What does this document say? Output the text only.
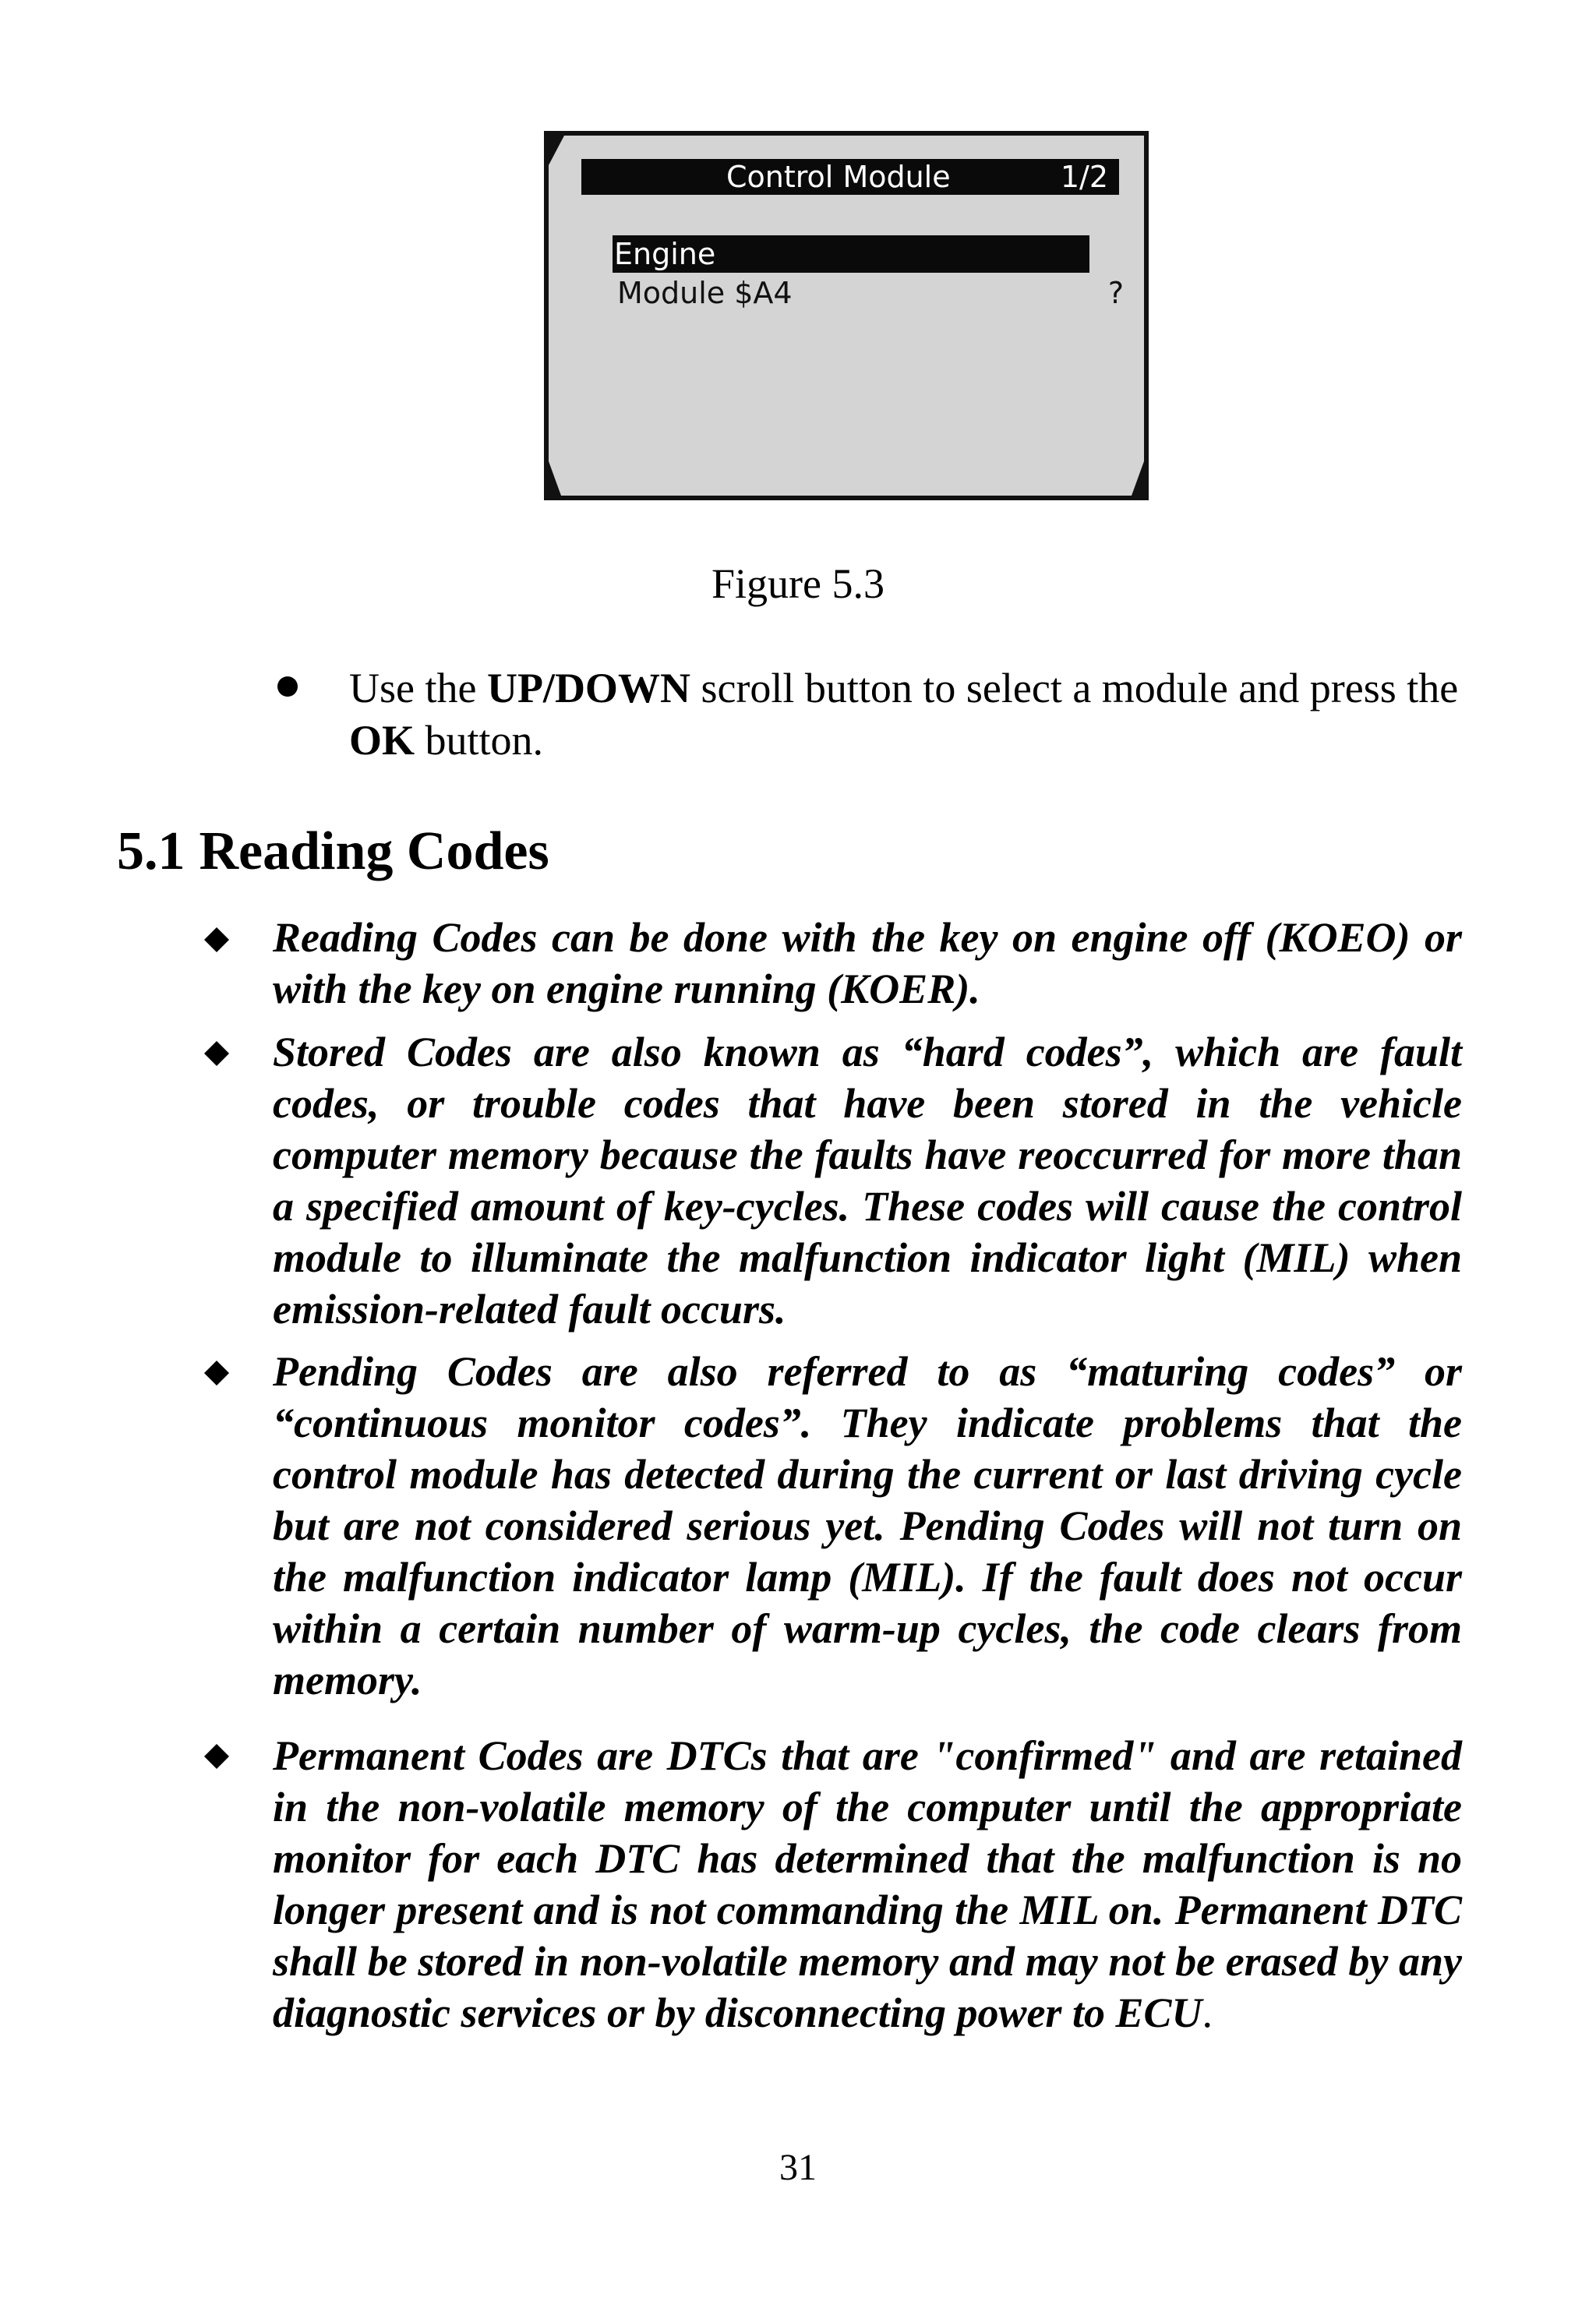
Control Module	1/2
Engine
Module $A4	?
Figure 5.3
Use the UP/DOWN scroll button to select a module and press the OK button.
5.1 Reading Codes

Reading Codes can be done with the key on engine off (KOEO) or with the key on engine running (KOER).

Stored Codes are also known as “hard codes”, which are fault codes, or trouble codes that have been stored in the vehicle computer memory because the faults have reoccurred for more than a specified amount of key-cycles. These codes will cause the control module to illuminate the malfunction indicator light (MIL) when emission-related fault occurs.

Pending Codes are also referred to as “maturing codes” or “continuous monitor codes”. They indicate problems that the control module has detected during the current or last driving cycle but are not considered serious yet. Pending Codes will not turn on the malfunction indicator lamp (MIL). If the fault does not occur within a certain number of warm-up cycles, the code clears from memory.

Permanent Codes are DTCs that are "confirmed" and are retained in the non-volatile memory of the computer until the appropriate monitor for each DTC has determined that the malfunction is no longer present and is not commanding the MIL on. Permanent DTC shall be stored in non-volatile memory and may not be erased by any diagnostic services or by disconnecting power to ECU.

31
